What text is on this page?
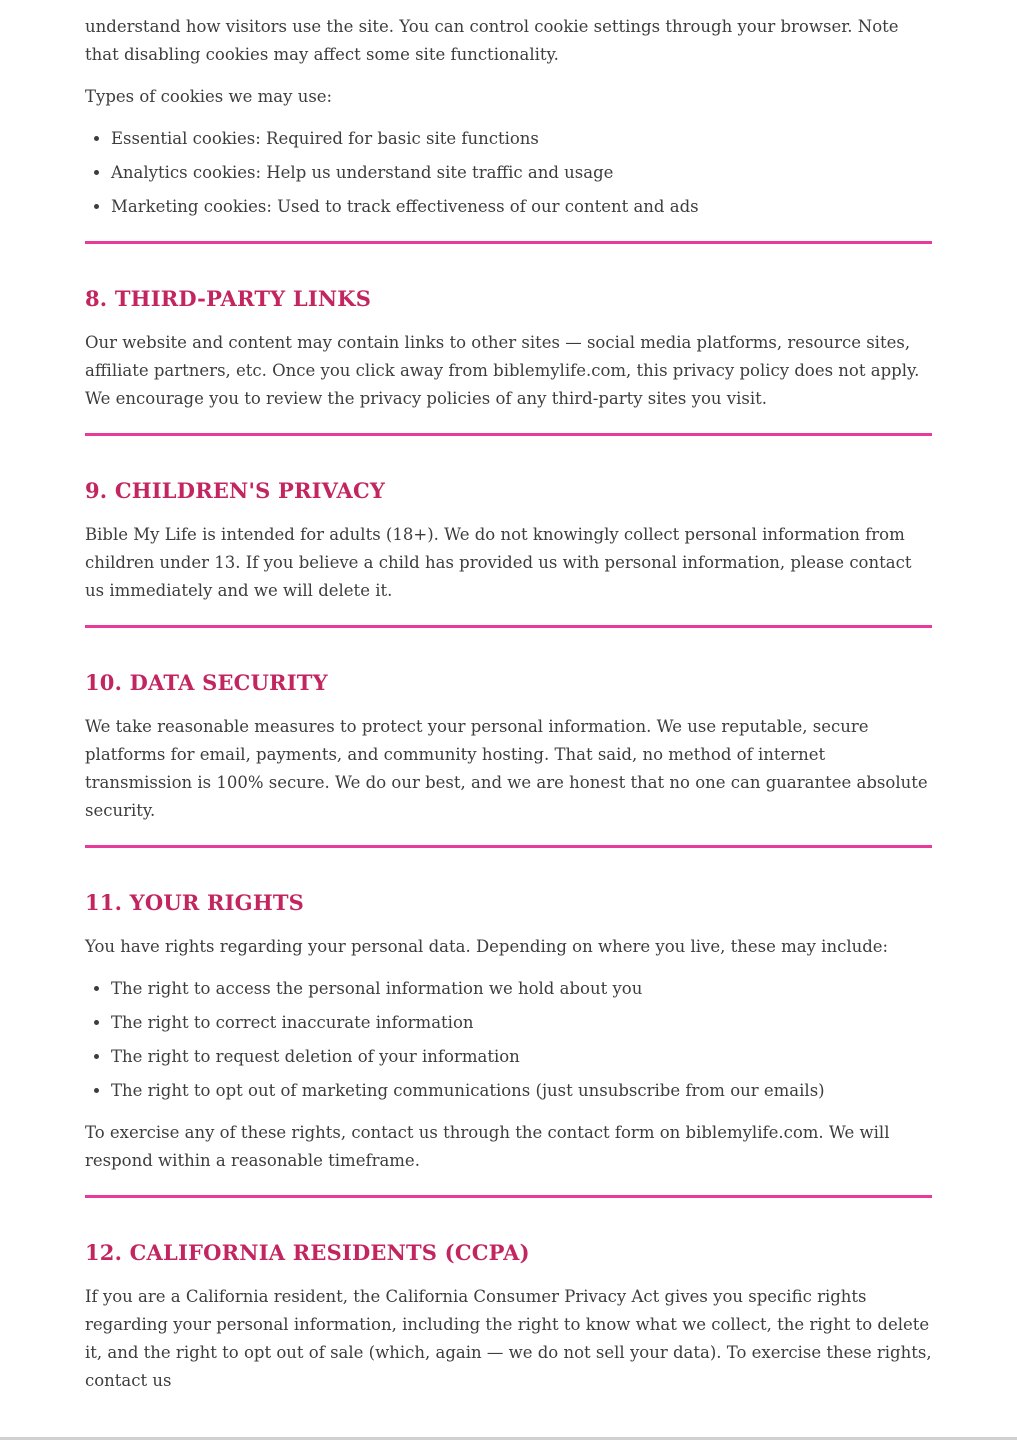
understand how visitors use the site. You can control cookie settings through your browser. Note that disabling cookies may affect some site functionality.

Types of cookies we may use:

• Essential cookies: Required for basic site functions
• Analytics cookies: Help us understand site traffic and usage
• Marketing cookies: Used to track effectiveness of our content and ads
8. THIRD-PARTY LINKS

Our website and content may contain links to other sites — social media platforms, resource sites, affiliate partners, etc. Once you click away from biblemylife.com, this privacy policy does not apply. We encourage you to review the privacy policies of any third-party sites you visit.

9. CHILDREN'S PRIVACY

Bible My Life is intended for adults (18+). We do not knowingly collect personal information from children under 13. If you believe a child has provided us with personal information, please contact us immediately and we will delete it.

10. DATA SECURITY

We take reasonable measures to protect your personal information. We use reputable, secure platforms for email, payments, and community hosting. That said, no method of internet transmission is 100% secure. We do our best, and we are honest that no one can guarantee absolute security.

11. YOUR RIGHTS

You have rights regarding your personal data. Depending on where you live, these may include:

• The right to access the personal information we hold about you
• The right to correct inaccurate information
• The right to request deletion of your information
• The right to opt out of marketing communications (just unsubscribe from our emails)

To exercise any of these rights, contact us through the contact form on biblemylife.com. We will respond within a reasonable timeframe.

12. CALIFORNIA RESIDENTS (CCPA)

If you are a California resident, the California Consumer Privacy Act gives you specific rights regarding your personal information, including the right to know what we collect, the right to delete it, and the right to opt out of sale (which, again — we do not sell your data). To exercise these rights, contact us
